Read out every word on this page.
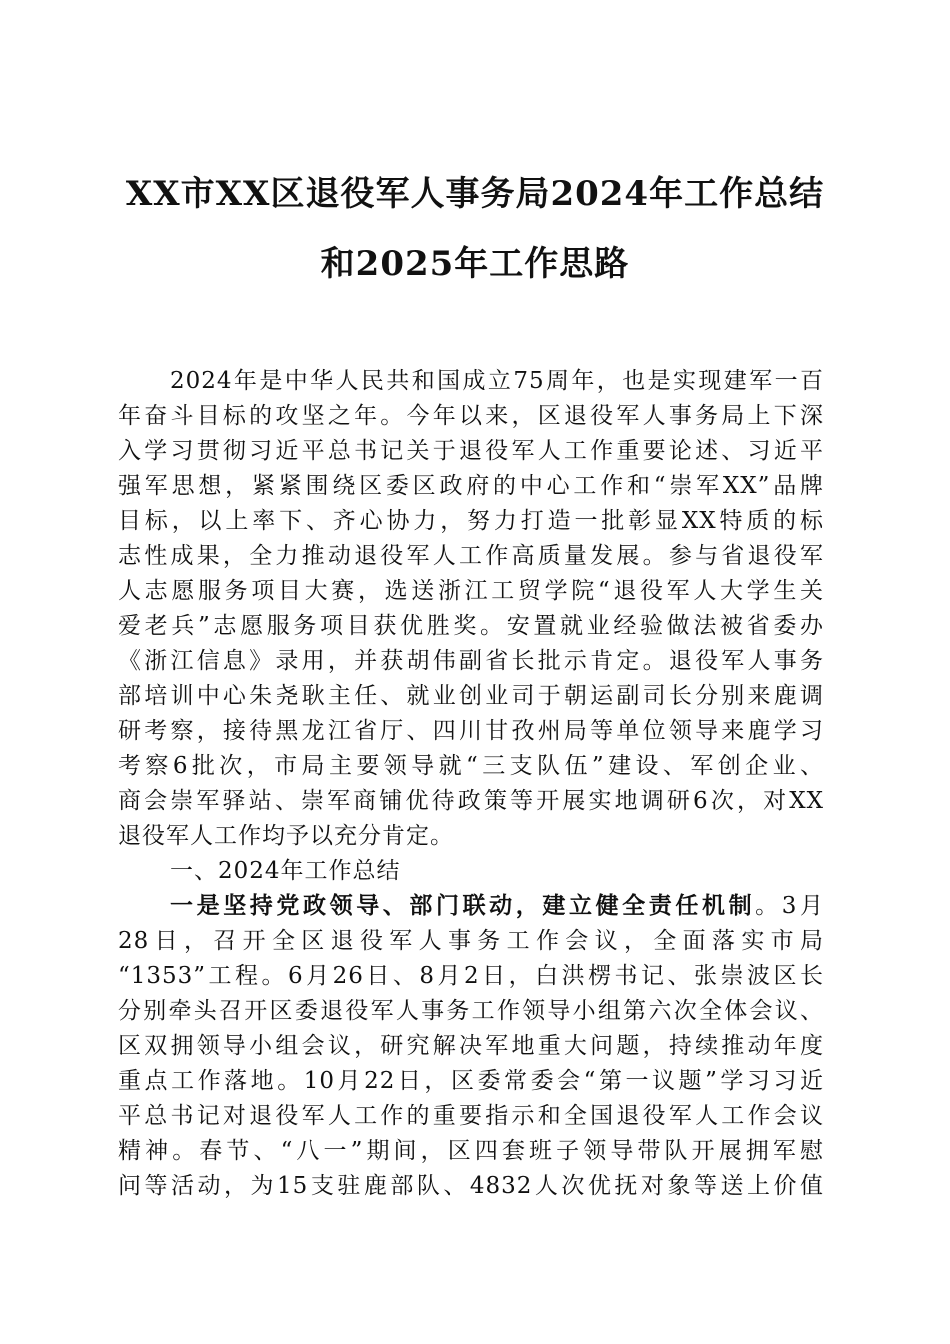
XX市XX区退役军人事务局2024年工作总结
和2025年工作思路
2024年是中华人民共和国成立75周年，也是实现建军一百
年奋斗目标的攻坚之年。今年以来，区退役军人事务局上下深
入学习贯彻习近平总书记关于退役军人工作重要论述、习近平
强军思想，紧紧围绕区委区政府的中心工作和“崇军XX”品牌
目标，以上率下、齐心协力，努力打造一批彰显XX特质的标
志性成果，全力推动退役军人工作高质量发展。参与省退役军
人志愿服务项目大赛，选送浙江工贸学院“退役军人大学生关
爱老兵”志愿服务项目获优胜奖。安置就业经验做法被省委办
《浙江信息》录用，并获胡伟副省长批示肯定。退役军人事务
部培训中心朱尧耿主任、就业创业司于朝运副司长分别来鹿调
研考察，接待黑龙江省厅、四川甘孜州局等单位领导来鹿学习
考察6批次，市局主要领导就“三支队伍”建设、军创企业、
商会崇军驿站、崇军商铺优待政策等开展实地调研6次，对XX
退役军人工作均予以充分肯定。
一、2024年工作总结
一是坚持党政领导、部门联动，建立健全责任机制。3月
28日，召开全区退役军人事务工作会议，全面落实市局
“1353”工程。6月26日、8月2日，白洪楞书记、张崇波区长
分别牵头召开区委退役军人事务工作领导小组第六次全体会议、
区双拥领导小组会议，研究解决军地重大问题，持续推动年度
重点工作落地。10月22日，区委常委会“第一议题”学习习近
平总书记对退役军人工作的重要指示和全国退役军人工作会议
精神。春节、“八一”期间，区四套班子领导带队开展拥军慰
问等活动，为15支驻鹿部队、4832人次优抚对象等送上价值
